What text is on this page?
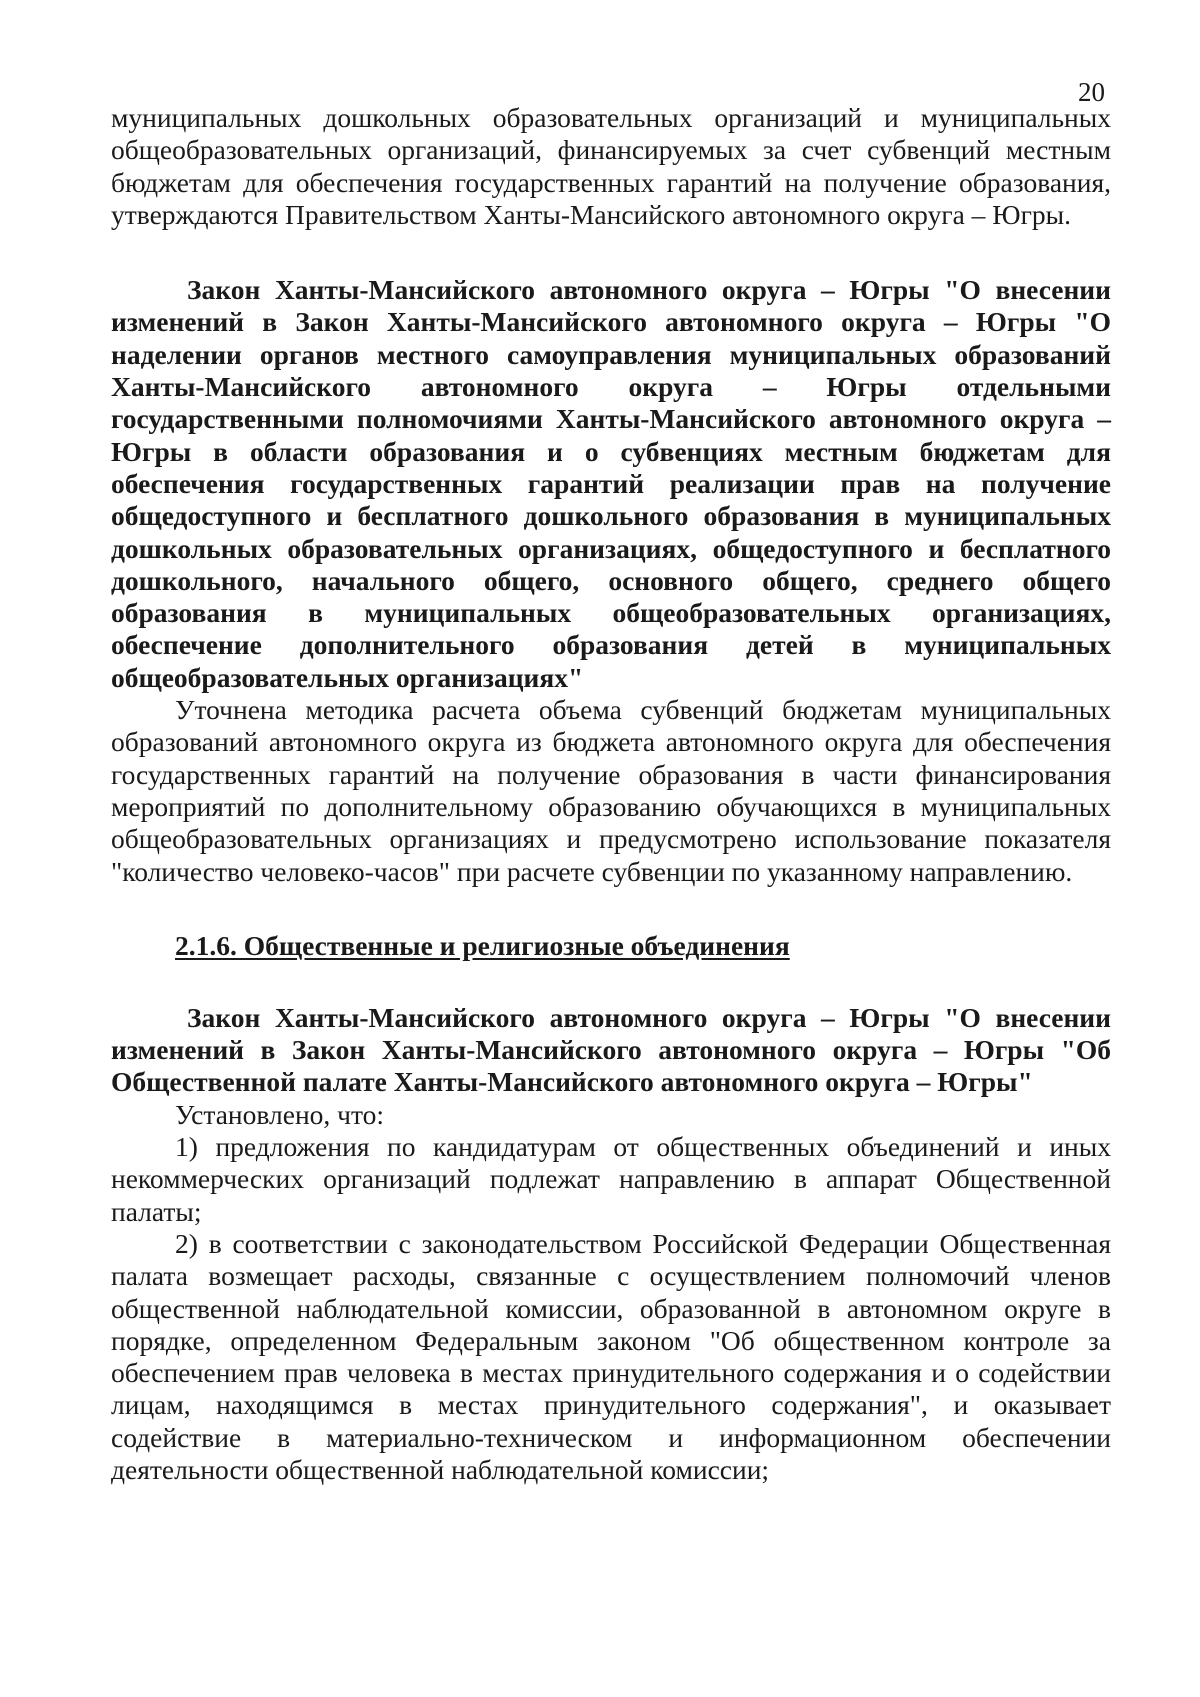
20

муниципальных дошкольных образовательных организаций и муниципальных общеобразовательных организаций, финансируемых за счет субвенций местным бюджетам для обеспечения государственных гарантий на получение образования, утверждаются Правительством Ханты-Мансийского автономного округа – Югры.

Закон Ханты-Мансийского автономного округа – Югры "О внесении изменений в Закон Ханты-Мансийского автономного округа – Югры "О наделении органов местного самоуправления муниципальных образований Ханты-Мансийского автономного округа – Югры отдельными государственными полномочиями Ханты-Мансийского автономного округа – Югры в области образования и о субвенциях местным бюджетам для обеспечения государственных гарантий реализации прав на получение общедоступного и бесплатного дошкольного образования в муниципальных дошкольных образовательных организациях, общедоступного и бесплатного дошкольного, начального общего, основного общего, среднего общего образования в муниципальных общеобразовательных организациях, обеспечение дополнительного образования детей в муниципальных общеобразовательных организациях"

Уточнена методика расчета объема субвенций бюджетам муниципальных образований автономного округа из бюджета автономного округа для обеспечения государственных гарантий на получение образования в части финансирования мероприятий по дополнительному образованию обучающихся в муниципальных общеобразовательных организациях и предусмотрено использование показателя "количество человеко-часов" при расчете субвенции по указанному направлению.

2.1.6. Общественные и религиозные объединения

Закон Ханты-Мансийского автономного округа – Югры "О внесении изменений в Закон Ханты-Мансийского автономного округа – Югры "Об Общественной палате Ханты-Мансийского автономного округа – Югры"

Установлено, что:

1) предложения по кандидатурам от общественных объединений и иных некоммерческих организаций подлежат направлению в аппарат Общественной палаты;

2) в соответствии с законодательством Российской Федерации Общественная палата возмещает расходы, связанные с осуществлением полномочий членов общественной наблюдательной комиссии, образованной в автономном округе в порядке, определенном Федеральным законом "Об общественном контроле за обеспечением прав человека в местах принудительного содержания и о содействии лицам, находящимся в местах принудительного содержания", и оказывает содействие в материально-техническом и информационном обеспечении деятельности общественной наблюдательной комиссии;
